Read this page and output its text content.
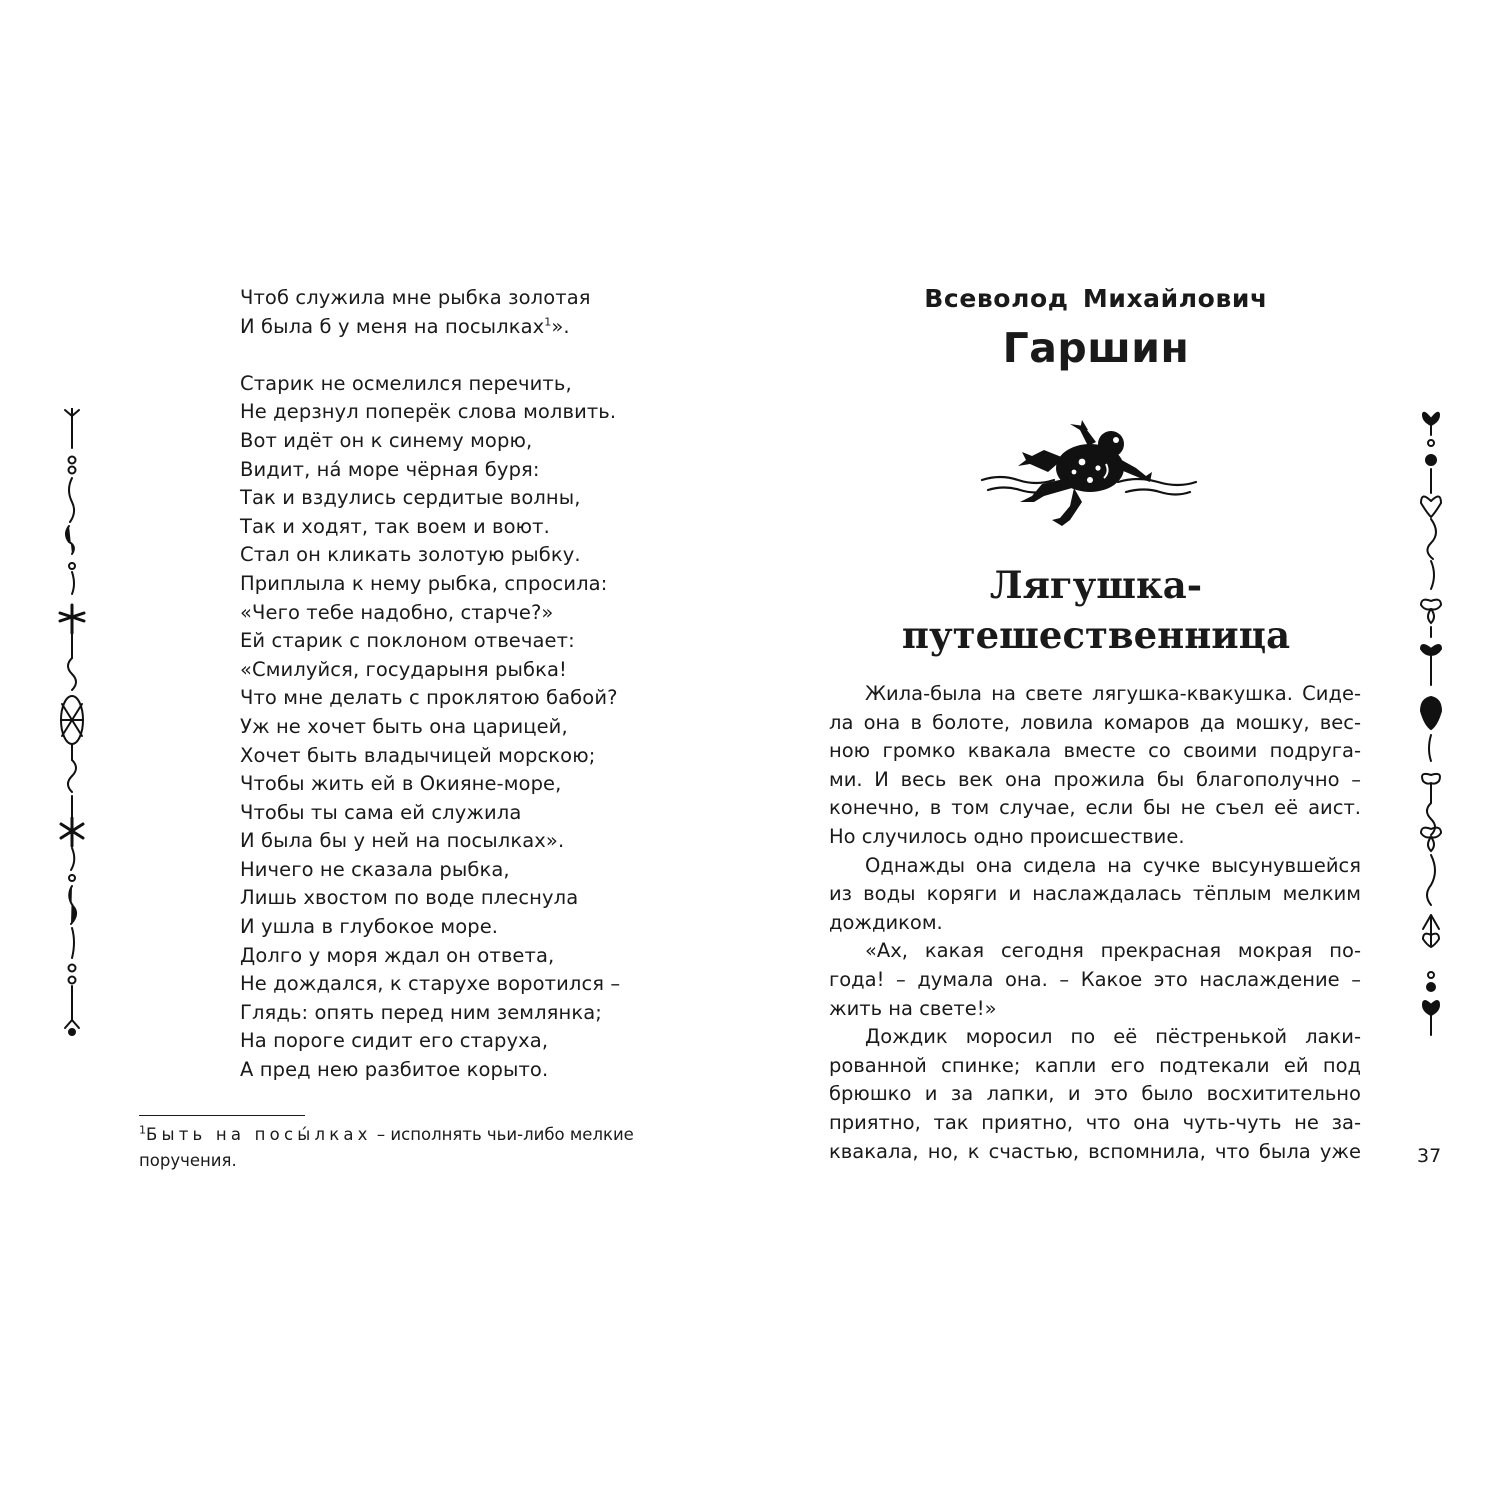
Чтоб служила мне рыбка золотая
И была б у меня на посылках$^1$».
Старик не осмелился перечить,
Не дерзнул поперёк слова молвить.
Вот идёт он к синему морю,
Видит, на́ море чёрная буря:
Так и вздулись сердитые волны,
Так и ходят, так воем и воют.
Стал он кликать золотую рыбку.
Приплыла к нему рыбка, спросила:
«Чего тебе надобно, старче?»
Ей старик с поклоном отвечает:
«Смилуйся, государыня рыбка!
Что мне делать с проклятою бабой?
Уж не хочет быть она царицей,
Хочет быть владычицей морскою;
Чтобы жить ей в Окияне-море,
Чтобы ты сама ей служила
И была бы у ней на посылках».
Ничего не сказала рыбка,
Лишь хвостом по воде плеснула
И ушла в глубокое море.
Долго у моря ждал он ответа,
Не дождался, к старухе воротился –
Глядь: опять перед ним землянка;
На пороге сидит его старуха,
А пред нею разбитое корыто.
$^1$Быть на посы́лках – исполнять чьи-либо мелкие поручения.
Всеволод Михайлович
Гаршин
Лягушка-
путешественница
Жила-была на свете лягушка-квакушка. Сиде-
ла она в болоте, ловила комаров да мошку, вес-
ною громко квакала вместе со своими подруга-
ми. И весь век она прожила бы благополучно –
конечно, в том случае, если бы не съел её аист.
Но случилось одно происшествие.
Однажды она сидела на сучке высунувшейся
из воды коряги и наслаждалась тёплым мелким
дождиком.
«Ах, какая сегодня прекрасная мокрая по-
года! – думала она. – Какое это наслаждение –
жить на свете!»
Дождик моросил по её пёстренькой лаки-
рованной спинке; капли его подтекали ей под
брюшко и за лапки, и это было восхитительно
приятно, так приятно, что она чуть-чуть не за-
квакала, но, к счастью, вспомнила, что была уже	37
